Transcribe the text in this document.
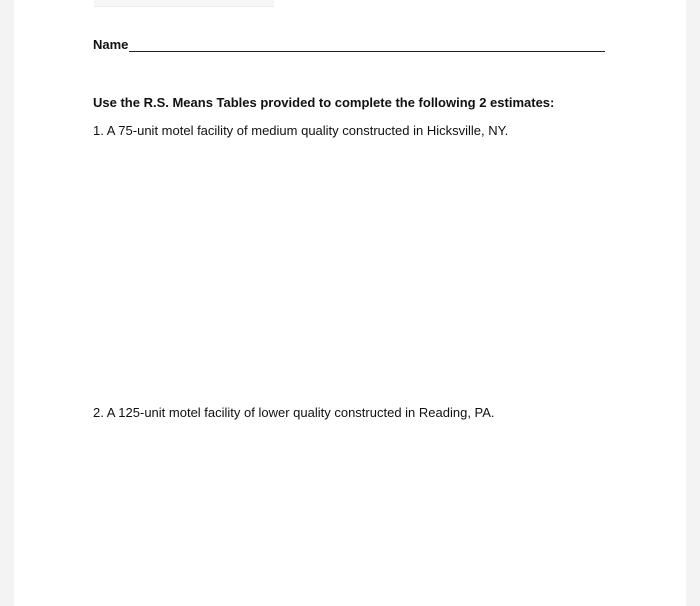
Name
Use the R.S. Means Tables provided to complete the following 2 estimates:
1. A 75-unit motel facility of medium quality constructed in Hicksville, NY.
2. A 125-unit motel facility of lower quality constructed in Reading, PA.
